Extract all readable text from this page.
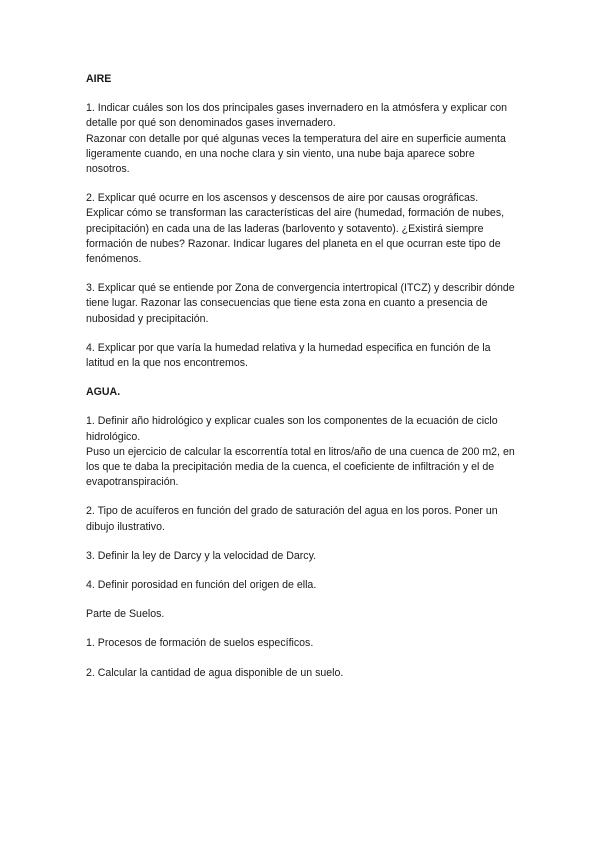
AIRE

1. Indicar cuáles son los dos principales gases invernadero en la atmósfera y explicar con detalle por qué son denominados gases invernadero.

Razonar con detalle por qué algunas veces la temperatura del aire en superficie aumenta ligeramente cuando, en una noche clara y sin viento, una nube baja aparece sobre nosotros.

2. Explicar qué ocurre en los ascensos y descensos de aire por causas orográficas. Explicar cómo se transforman las características del aire (humedad, formación de nubes, precipitación) en cada una de las laderas (barlovento y sotavento). ¿Existirá siempre formación de nubes? Razonar. Indicar lugares del planeta en el que ocurran este tipo de fenómenos.

3. Explicar qué se entiende por Zona de convergencia intertropical (ITCZ) y describir dónde tiene lugar. Razonar las consecuencias que tiene esta zona en cuanto a presencia de nubosidad y precipitación.

4. Explicar por que varía la humedad relativa y la humedad especifica en función de la latitud en la que nos encontremos.

AGUA.

1. Definir año hidrológico y explicar cuales son los componentes de la ecuación de ciclo hidrológico.

Puso un ejercicio de calcular la escorrentía total en litros/año de una cuenca de 200 m2, en los que te daba la precipitación media de la cuenca, el coeficiente de infiltración y el de evapotranspiración.

2. Tipo de acuíferos en función del grado de saturación del agua en los poros. Poner un dibujo ilustrativo.

3. Definir la ley de Darcy y la velocidad de Darcy.

4. Definir porosidad en función del origen de ella.

Parte de Suelos.

1. Procesos de formación de suelos específicos.

2. Calcular la cantidad de agua disponible de un suelo.
